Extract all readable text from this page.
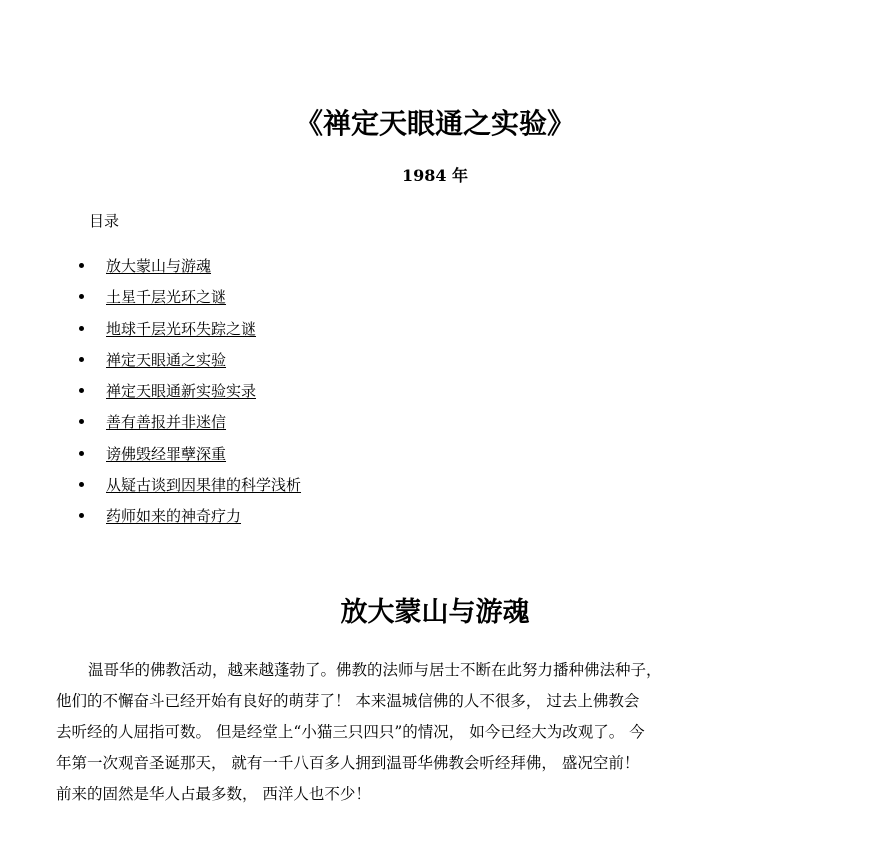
《禅定天眼通之实验》
1984 年
目录
放大蒙山与游魂
土星千层光环之谜
地球千层光环失踪之谜
禅定天眼通之实验
禅定天眼通新实验实录
善有善报并非迷信
谤佛毁经罪孽深重
从疑古谈到因果律的科学浅析
药师如来的神奇疗力
放大蒙山与游魂
温哥华的佛教活动，越来越蓬勃了。佛教的法师与居士不断在此努力播种佛法种子，
他们的不懈奋斗已经开始有良好的萌芽了！ 本来温城信佛的人不很多， 过去上佛教会
去听经的人屈指可数。 但是经堂上“小猫三只四只”的情况， 如今已经大为改观了。 今
年第一次观音圣诞那天， 就有一千八百多人拥到温哥华佛教会听经拜佛， 盛况空前！
前来的固然是华人占最多数， 西洋人也不少！
